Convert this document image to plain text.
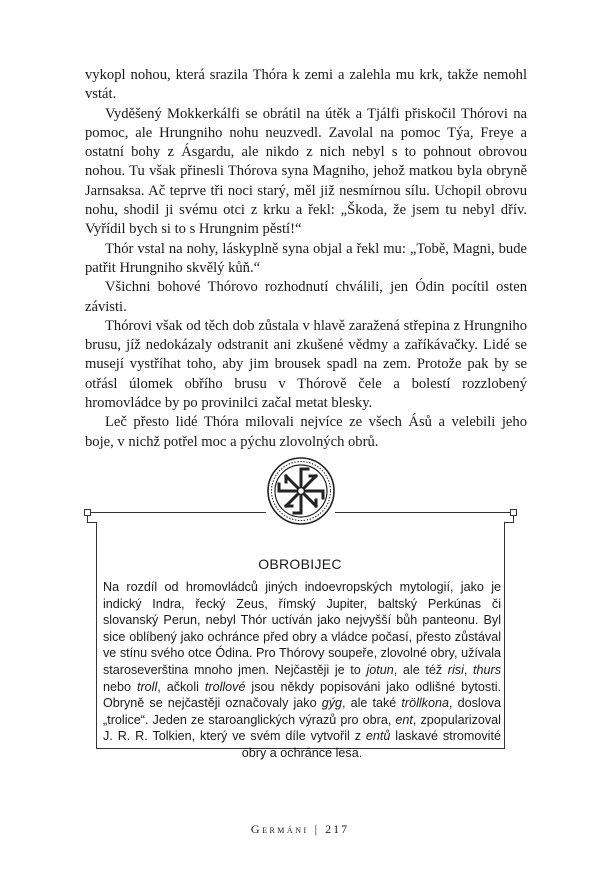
vykopl nohou, která srazila Thóra k zemi a zalehla mu krk, takže nemohl vstát.

Vyděšený Mokkerkálfi se obrátil na útěk a Tjálfi přiskočil Thórovi na pomoc, ale Hrungniho nohu neuzvedl. Zavolal na pomoc Týa, Freye a ostatní bohy z Ásgardu, ale nikdo z nich nebyl s to pohnout obrovou nohou. Tu však přinesli Thórova syna Magniho, jehož matkou byla obryně Jarnsaksa. Ač teprve tři noci starý, měl již nesmírnou sílu. Uchopil obrovu nohu, shodil ji svému otci z krku a řekl: „Škoda, že jsem tu nebyl dřív. Vyřídil bych si to s Hrungnim pěstí!“

Thór vstal na nohy, láskyplně syna objal a řekl mu: „Tobě, Magni, bude patřit Hrungniho skvělý kůň.“

Všichni bohové Thórovo rozhodnutí chválili, jen Ódin pocítil osten závisti.

Thórovi však od těch dob zůstala v hlavě zaražená střepina z Hrungniho brusu, jíž nedokázaly odstranit ani zkušené vědmy a zaříkávačky. Lidé se musejí vystříhat toho, aby jim brousek spadl na zem. Protože pak by se otřásl úlomek obřího brusu v Thórově čele a bolestí rozzlobený hromovládce by po provinilci začal metat blesky.

Leč přesto lidé Thóra milovali nejvíce ze všech Ásů a velebili jeho boje, v nichž potřel moc a pýchu zlovolných obrů.

OBROBIJEC
Na rozdíl od hromovládců jiných indoevropských mytologií, jako je indický Indra, řecký Zeus, římský Jupiter, baltský Perkúnas či slovanský Perun, nebyl Thór uctíván jako nejvyšší bůh panteonu. Byl sice oblíbený jako ochránce před obry a vládce počasí, přesto zůstával ve stínu svého otce Ódina. Pro Thórovy soupeře, zlovolné obry, užívala staroseverština mnoho jmen. Nejčastěji je to jotun, ale též risi, thurs nebo troll, ačkoli trollové jsou někdy popisováni jako odlišné bytosti. Obryně se nejčastěji označovaly jako gýg, ale také tröllkona, doslova „trolice“. Jeden ze staroanglických výrazů pro obra, ent, zpopularizoval J. R. R. Tolkien, který ve svém díle vytvořil z entů laskavé stromovité obry a ochránce lesa.
Germáni | 217
